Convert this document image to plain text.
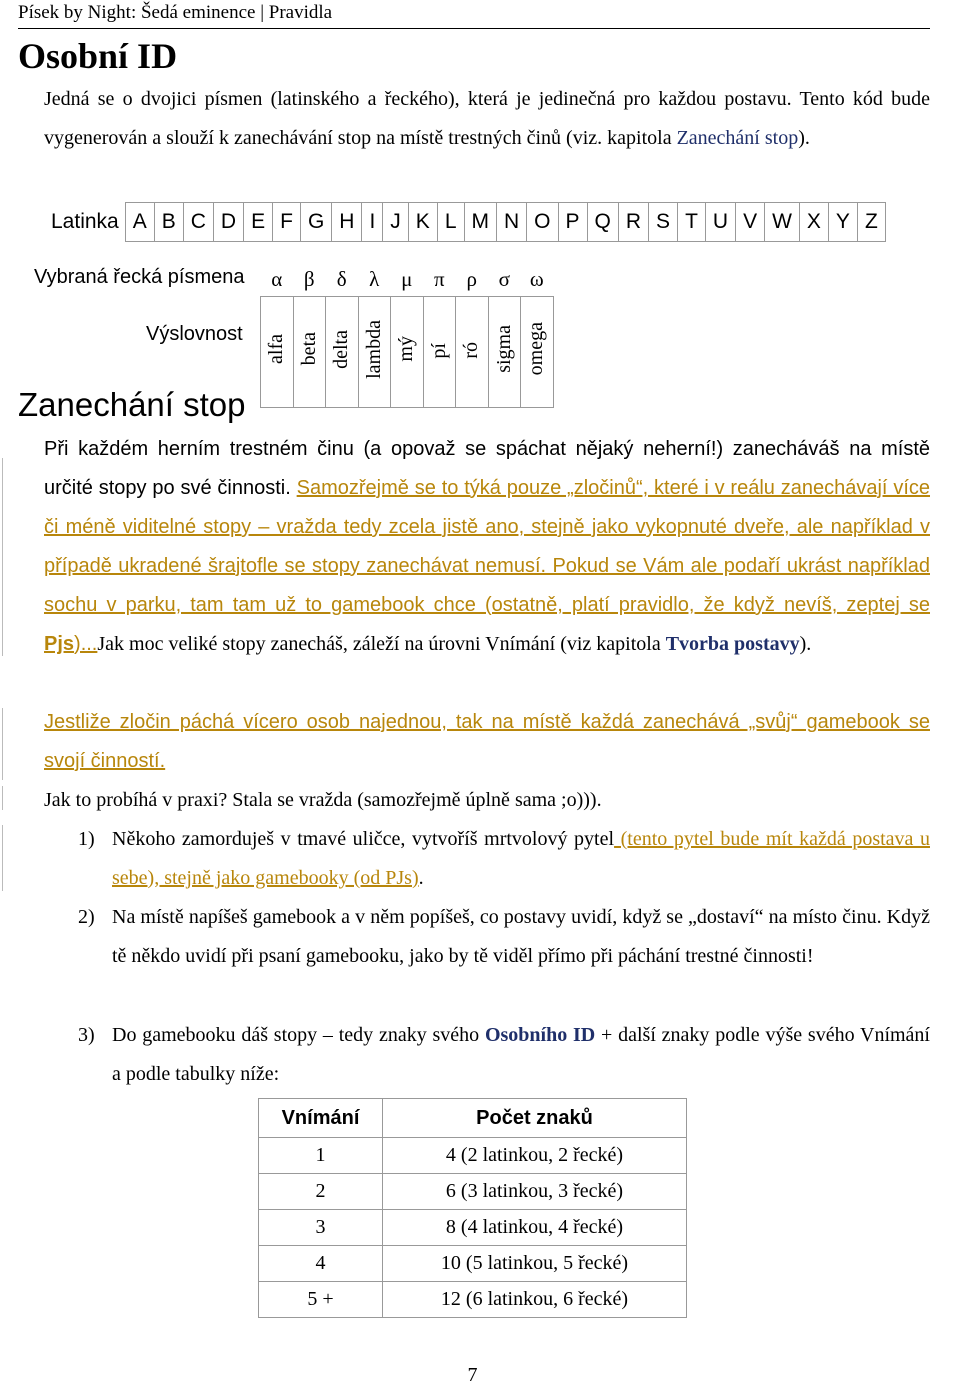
Písek by Night: Šedá eminence | Pravidla
Osobní ID
Jedná se o dvojici písmen (latinského a řeckého), která je jedinečná pro každou postavu. Tento kód bude vygenerován a slouží k zanechávání stop na místě trestných činů (viz. kapitola Zanechání stop).
Latinka	A	B	C	D	E	F	G	H	I	J	K	L	M	N	O	P	Q	R	S	T	U	V	W	X	Y	Z
Vybraná řecká písmena
Výslovnost
α	β	δ	λ	μ	π	ρ	σ	ω
alfa	beta	delta	lambda	mý	pí	ró	sigma	omega
Zanechání stop
Při každém herním trestném činu (a opovaž se spáchat nějaký neherní!) zanecháváš na místě určité stopy po své činnosti. Samozřejmě se to týká pouze „zločinů“, které i v reálu zanechávají více či méně viditelné stopy – vražda tedy zcela jistě ano, stejně jako vykopnuté dveře, ale například v případě ukradené šrajtofle se stopy zanechávat nemusí. Pokud se Vám ale podaří ukrást například sochu v parku, tam tam už to gamebook chce (ostatně, platí pravidlo, že když nevíš, zeptej se Pjs)...Jak moc veliké stopy zanecháš, záleží na úrovni Vnímání (viz kapitola Tvorba postavy).
Jestliže zločin páchá vícero osob najednou, tak na místě každá zanechává „svůj“ gamebook se svojí činností.
Jak to probíhá v praxi? Stala se vražda (samozřejmě úplně sama ;o))).
1) Někoho zamorduješ v tmavé uličce, vytvoříš mrtvolový pytel (tento pytel bude mít každá postava u sebe), stejně jako gamebooky (od PJs).
2) Na místě napíšeš gamebook a v něm popíšeš, co postavy uvidí, když se „dostaví“ na místo činu. Když tě někdo uvidí při psaní gamebooku, jako by tě viděl přímo při páchání trestné činnosti!
3) Do gamebooku dáš stopy – tedy znaky svého Osobního ID + další znaky podle výše svého Vnímání a podle tabulky níže:
Vnímání	Počet znaků
1	4 (2 latinkou, 2 řecké)
2	6 (3 latinkou, 3 řecké)
3	8 (4 latinkou, 4 řecké)
4	10 (5 latinkou, 5 řecké)
5 +	12 (6 latinkou, 6 řecké)
7
